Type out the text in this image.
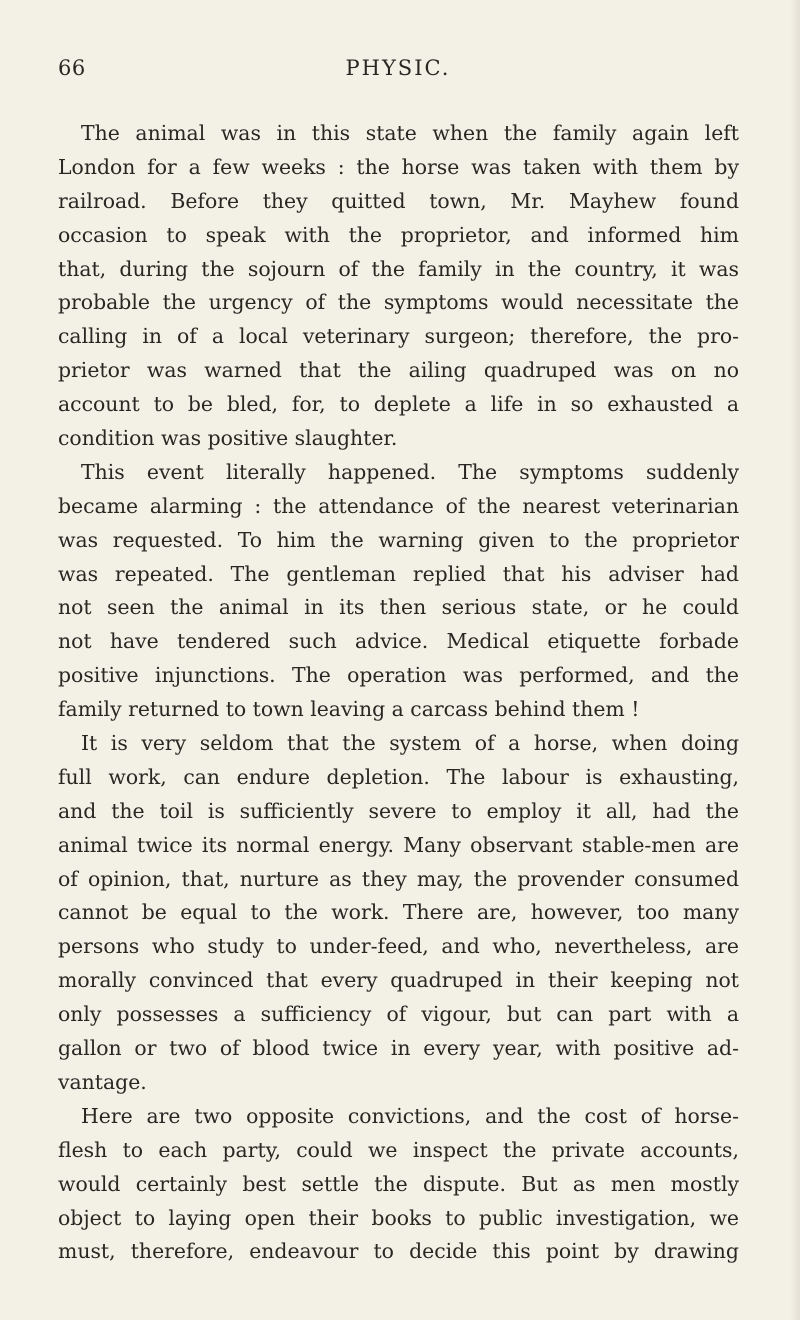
66	PHYSIC.
The animal was in this state when the family again left
London for a few weeks : the horse was taken with them by
railroad. Before they quitted town, Mr. Mayhew found
occasion to speak with the proprietor, and informed him
that, during the sojourn of the family in the country, it was
probable the urgency of the symptoms would necessitate the
calling in of a local veterinary surgeon; therefore, the pro-
prietor was warned that the ailing quadruped was on no
account to be bled, for, to deplete a life in so exhausted a
condition was positive slaughter.
This event literally happened. The symptoms suddenly
became alarming : the attendance of the nearest veterinarian
was requested. To him the warning given to the proprietor
was repeated. The gentleman replied that his adviser had
not seen the animal in its then serious state, or he could
not have tendered such advice. Medical etiquette forbade
positive injunctions. The operation was performed, and the
family returned to town leaving a carcass behind them !
It is very seldom that the system of a horse, when doing
full work, can endure depletion. The labour is exhausting,
and the toil is sufficiently severe to employ it all, had the
animal twice its normal energy. Many observant stable-men are
of opinion, that, nurture as they may, the provender consumed
cannot be equal to the work. There are, however, too many
persons who study to under-feed, and who, nevertheless, are
morally convinced that every quadruped in their keeping not
only possesses a sufficiency of vigour, but can part with a
gallon or two of blood twice in every year, with positive ad-
vantage.
Here are two opposite convictions, and the cost of horse-
flesh to each party, could we inspect the private accounts,
would certainly best settle the dispute. But as men mostly
object to laying open their books to public investigation, we
must, therefore, endeavour to decide this point by drawing
